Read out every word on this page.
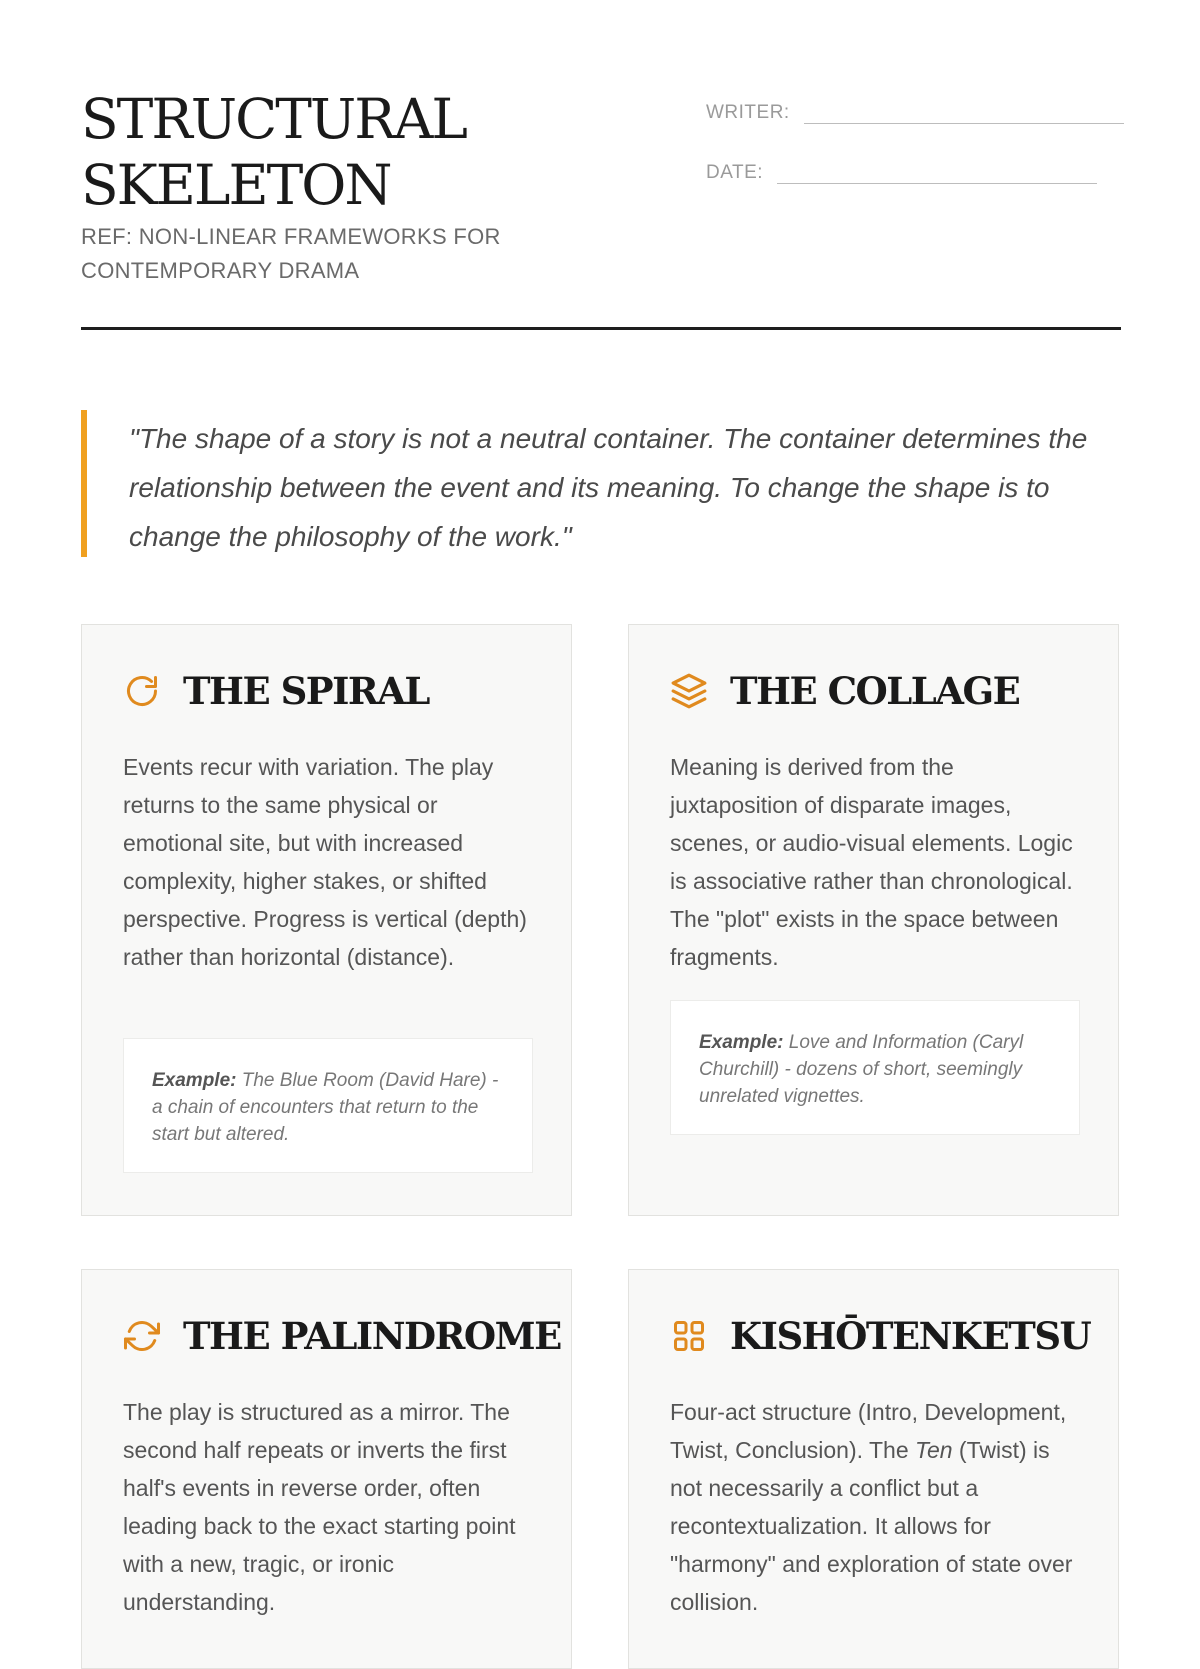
STRUCTURAL
SKELETON
REF: NON-LINEAR FRAMEWORKS FOR CONTEMPORARY DRAMA
WRITER:
DATE:
"The shape of a story is not a neutral container. The container determines the relationship between the event and its meaning. To change the shape is to change the philosophy of the work."
THE SPIRAL
Events recur with variation. The play returns to the same physical or emotional site, but with increased complexity, higher stakes, or shifted perspective. Progress is vertical (depth) rather than horizontal (distance).
Example: The Blue Room (David Hare) - a chain of encounters that return to the start but altered.
THE COLLAGE
Meaning is derived from the juxtaposition of disparate images, scenes, or audio-visual elements. Logic is associative rather than chronological. The "plot" exists in the space between fragments.
Example: Love and Information (Caryl Churchill) - dozens of short, seemingly unrelated vignettes.
THE PALINDROME
The play is structured as a mirror. The second half repeats or inverts the first half's events in reverse order, often leading back to the exact starting point with a new, tragic, or ironic understanding.
KISHŌTENKETSU
Four-act structure (Intro, Development, Twist, Conclusion). The Ten (Twist) is not necessarily a conflict but a recontextualization. It allows for "harmony" and exploration of state over collision.
